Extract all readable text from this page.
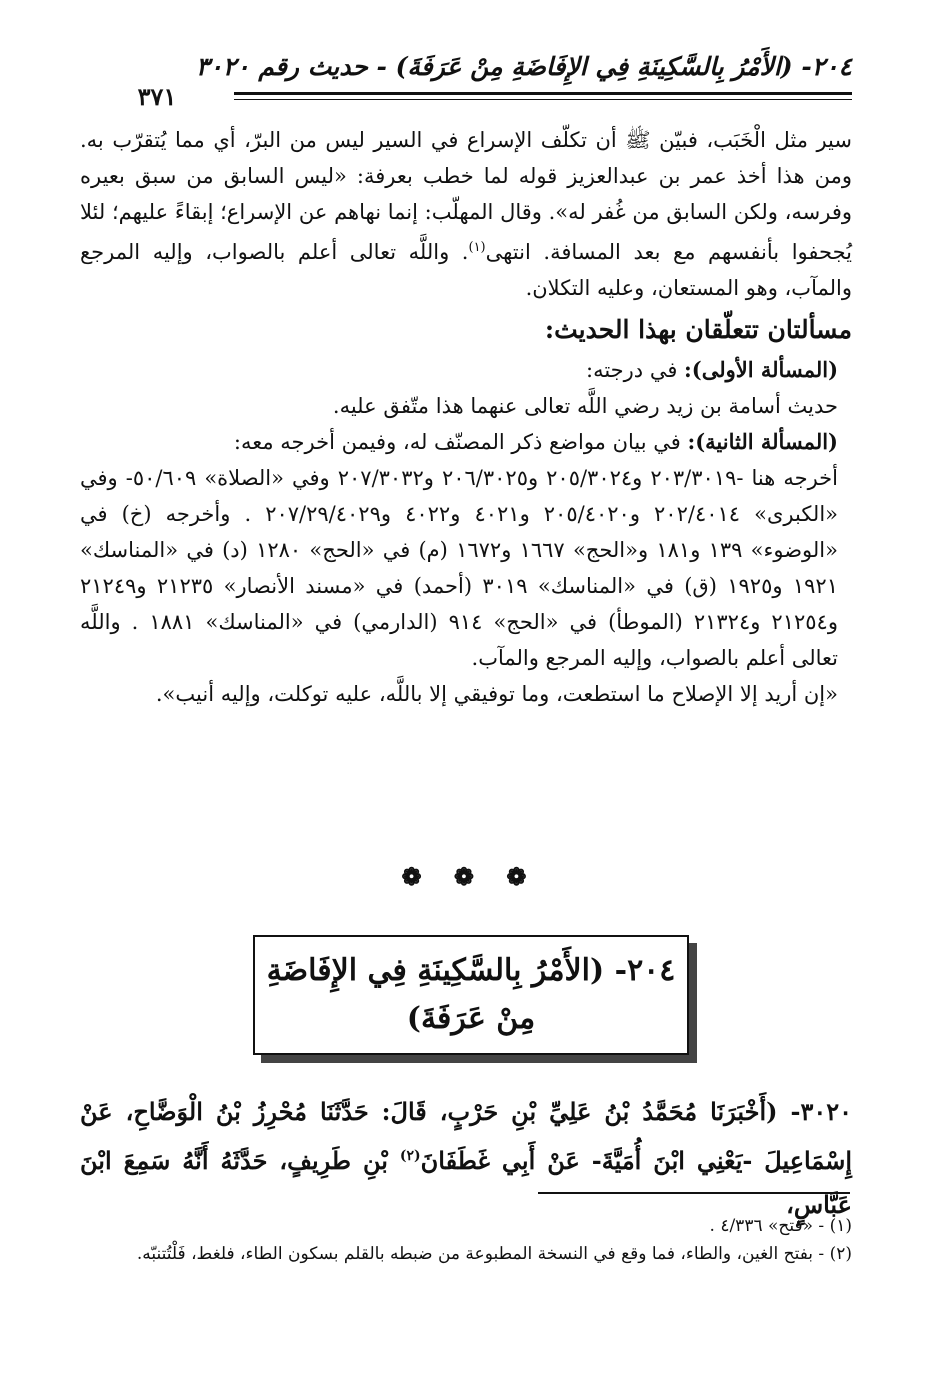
٢٠٤- (الأَمْرُ بِالسَّكِينَةِ فِي الإِفَاضَةِ مِنْ عَرَفَةَ) - حديث رقم ٣٠٢٠
٣٧١

سير مثل الْخَبَب، فبيّن ﷺ أن تكلّف الإسراع في السير ليس من البرّ، أي مما يُتقرّب به. ومن هذا أخذ عمر بن عبدالعزيز قوله لما خطب بعرفة: «ليس السابق من سبق بعيره وفرسه، ولكن السابق من غُفر له». وقال المهلّب: إنما نهاهم عن الإسراع؛ إبقاءً عليهم؛ لئلا يُجحفوا بأنفسهم مع بعد المسافة. انتهى$^{(١)}$. واللَّه تعالى أعلم بالصواب، وإليه المرجع والمآب، وهو المستعان، وعليه التكلان.

مسألتان تتعلّقان بهذا الحديث:

(المسألة الأولى): في درجته:

حديث أسامة بن زيد رضي اللَّه تعالى عنهما هذا متّفق عليه.

(المسألة الثانية): في بيان مواضع ذكر المصنّف له، وفيمن أخرجه معه:

أخرجه هنا -٢٠٣/٣٠١٩ و٢٠٥/٣٠٢٤ و٢٠٦/٣٠٢٥ و٢٠٧/٣٠٣٢ وفي «الصلاة» ٥٠/٦٠٩- وفي «الكبرى» ٢٠٢/٤٠١٤ و٢٠٥/٤٠٢٠ و٤٠٢١ و٤٠٢٢ و٢٠٧/٢٩/٤٠٢٩ . وأخرجه (خ) في «الوضوء» ١٣٩ و١٨١ و«الحج» ١٦٦٧ و١٦٧٢ (م) في «الحج» ١٢٨٠ (د) في «المناسك» ١٩٢١ و١٩٢٥ (ق) في «المناسك» ٣٠١٩ (أحمد) في «مسند الأنصار» ٢١٢٣٥ و٢١٢٤٩ و٢١٢٥٤ و٢١٣٢٤ (الموطأ) في «الحج» ٩١٤ (الدارمي) في «المناسك» ١٨٨١ . واللَّه تعالى أعلم بالصواب، وإليه المرجع والمآب.

«إن أريد إلا الإصلاح ما استطعت، وما توفيقي إلا باللَّه، عليه توكلت، وإليه أنيب».

❁ ❁ ❁
٢٠٤- (الأَمْرُ بِالسَّكِينَةِ فِي الإِفَاضَةِ
مِنْ عَرَفَةَ)
٣٠٢٠- (أَخْبَرَنَا مُحَمَّدُ بْنُ عَلِيِّ بْنِ حَرْبٍ، قَالَ: حَدَّثَنَا مُحْرِزُ بْنُ الْوَضَّاحِ، عَنْ إِسْمَاعِيلَ -يَعْنِي ابْنَ أُمَيَّةَ- عَنْ أَبِي غَطَفَانَ$^{(٢)}$ بْنِ طَرِيفٍ، حَدَّثَهُ أَنَّهُ سَمِعَ ابْنَ عَبَّاسٍ،

(١) - «فتح» ٤/٣٣٦ .

(٢) - بفتح الغين، والطاء، فما وقع في النسخة المطبوعة من ضبطه بالقلم بسكون الطاء، فلغط، فَلْتُتنبّه.
